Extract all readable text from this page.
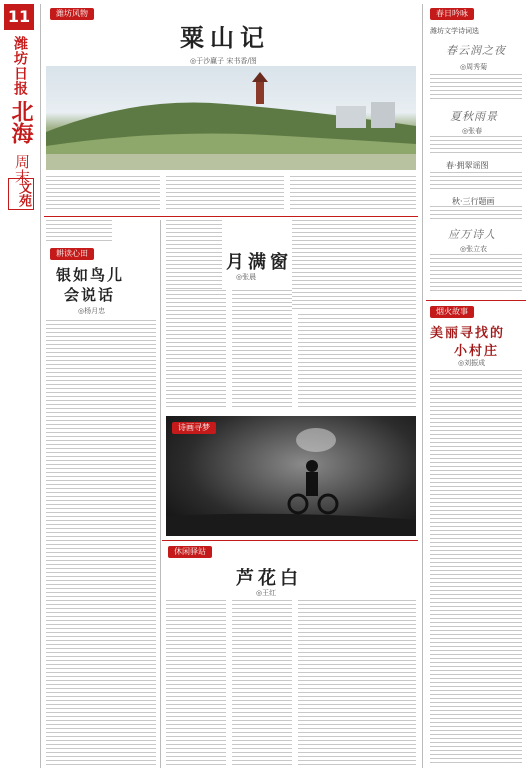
11
潍坊日报
北海
周末
文苑
潍坊风物
粟山记
◎于沙赢子 宋书香/图
耕读心田
银如鸟儿
会说话
◎杨月忠
月满窗
◎张晨
诗画寻梦
休闲驿站
芦花白
◎王红
春日吟咏
潍坊文学诗词选
春云润之夜
◎周秀菊
夏秋雨景
◎张春
春·拥翠谣图
秋·三行题画
应万诗人
◎张立农
烟火故事
美丽寻找的
小村庄
◎刘振成
